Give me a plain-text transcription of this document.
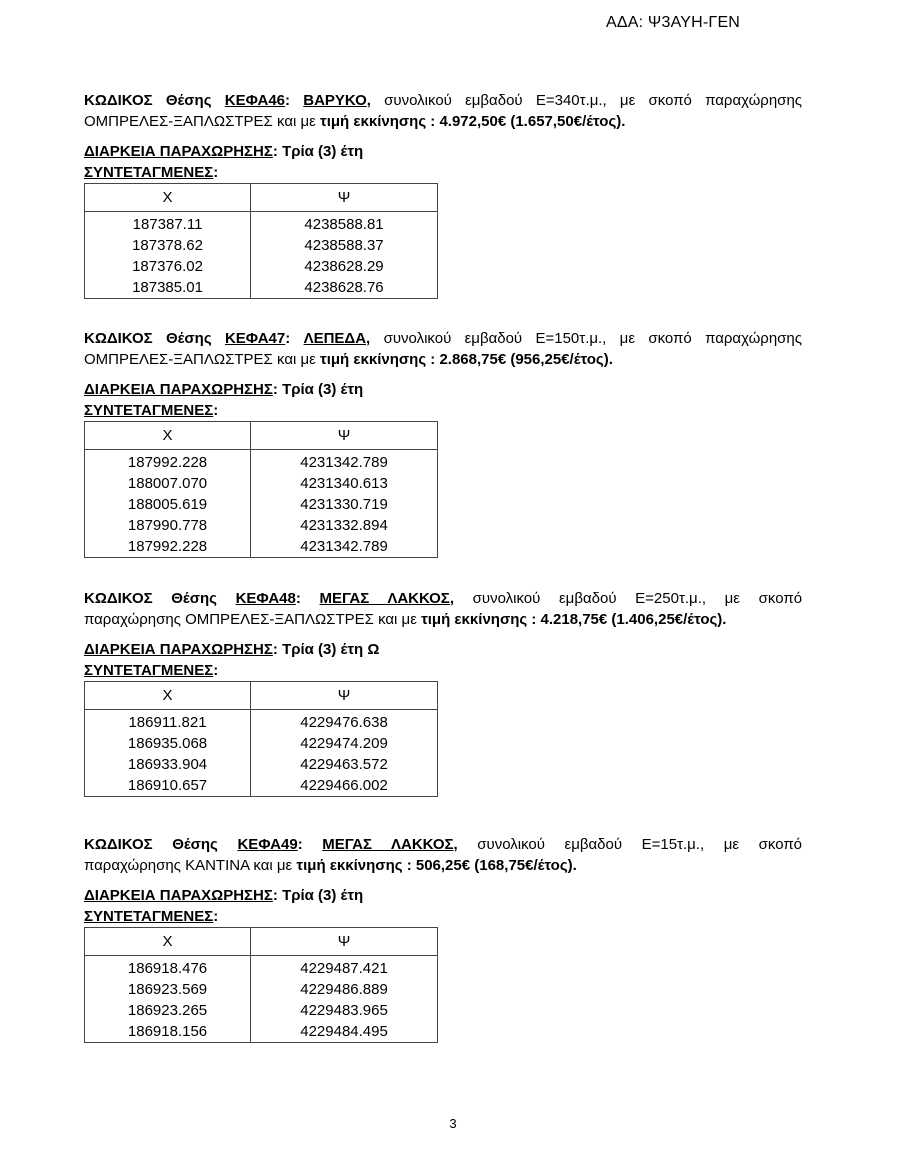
ΑΔΑ: Ψ3ΑΥΗ-ΓΕΝ
ΚΩΔΙΚΟΣ Θέσης ΚΕΦΑ46: ΒΑΡΥΚΟ, συνολικού εμβαδού Ε=340τ.μ., με σκοπό παραχώρησης
ΟΜΠΡΕΛΕΣ-ΞΑΠΛΩΣΤΡΕΣ και με τιμή εκκίνησης : 4.972,50€ (1.657,50€/έτος).
ΔΙΑΡΚΕΙΑ ΠΑΡΑΧΩΡΗΣΗΣ: Τρία (3) έτη
ΣΥΝΤΕΤΑΓΜΕΝΕΣ:
Χ	Ψ
187387.11	4238588.81
187378.62	4238588.37
187376.02	4238628.29
187385.01	4238628.76
ΚΩΔΙΚΟΣ Θέσης ΚΕΦΑ47: ΛΕΠΕΔΑ, συνολικού εμβαδού Ε=150τ.μ., με σκοπό παραχώρησης
ΟΜΠΡΕΛΕΣ-ΞΑΠΛΩΣΤΡΕΣ και με τιμή εκκίνησης : 2.868,75€ (956,25€/έτος).
ΔΙΑΡΚΕΙΑ ΠΑΡΑΧΩΡΗΣΗΣ: Τρία (3) έτη
ΣΥΝΤΕΤΑΓΜΕΝΕΣ:
Χ	Ψ
187992.228	4231342.789
188007.070	4231340.613
188005.619	4231330.719
187990.778	4231332.894
187992.228	4231342.789
ΚΩΔΙΚΟΣ Θέσης ΚΕΦΑ48: ΜΕΓΑΣ ΛΑΚΚΟΣ, συνολικού εμβαδού Ε=250τ.μ., με σκοπό
παραχώρησης ΟΜΠΡΕΛΕΣ-ΞΑΠΛΩΣΤΡΕΣ και με τιμή εκκίνησης : 4.218,75€ (1.406,25€/έτος).
ΔΙΑΡΚΕΙΑ ΠΑΡΑΧΩΡΗΣΗΣ: Τρία (3) έτη Ω
ΣΥΝΤΕΤΑΓΜΕΝΕΣ:
Χ	Ψ
186911.821	4229476.638
186935.068	4229474.209
186933.904	4229463.572
186910.657	4229466.002
ΚΩΔΙΚΟΣ Θέσης ΚΕΦΑ49: ΜΕΓΑΣ ΛΑΚΚΟΣ, συνολικού εμβαδού Ε=15τ.μ., με σκοπό
παραχώρησης ΚΑΝΤΙΝΑ και με τιμή εκκίνησης : 506,25€ (168,75€/έτος).
ΔΙΑΡΚΕΙΑ ΠΑΡΑΧΩΡΗΣΗΣ: Τρία (3) έτη
ΣΥΝΤΕΤΑΓΜΕΝΕΣ:
Χ	Ψ
186918.476	4229487.421
186923.569	4229486.889
186923.265	4229483.965
186918.156	4229484.495
3
